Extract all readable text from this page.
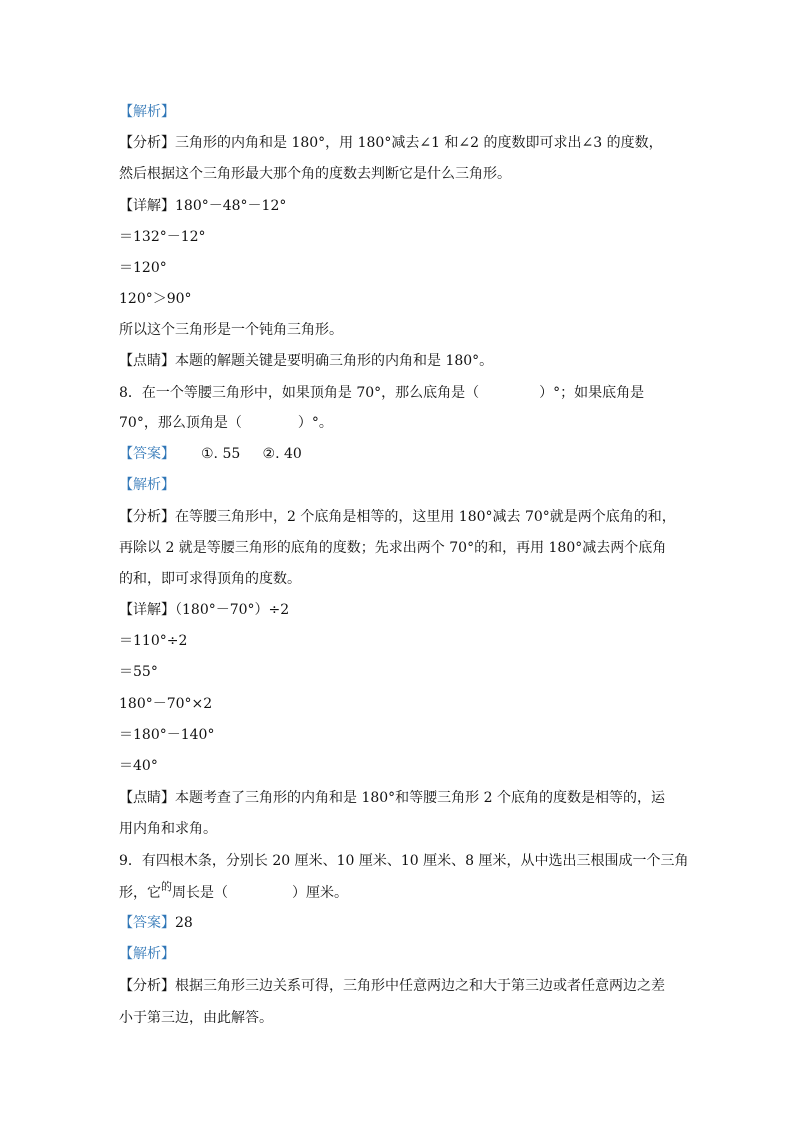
【解析】
【分析】三角形的内角和是 180°，用 180°减去∠1 和∠2 的度数即可求出∠3 的度数，
然后根据这个三角形最大那个角的度数去判断它是什么三角形。
【详解】180°－48°－12°
＝132°－12°
＝120°
120°＞90°
所以这个三角形是一个钝角三角形。
【点睛】本题的解题关键是要明确三角形的内角和是 180°。
8．在一个等腰三角形中，如果顶角是 70°，那么底角是（	）°；如果底角是
70°，那么顶角是（	）°。
【答案】 ①. 55     ②. 40
【解析】
【分析】在等腰三角形中，2 个底角是相等的，这里用 180°减去 70°就是两个底角的和，
再除以 2 就是等腰三角形的底角的度数；先求出两个 70°的和，再用 180°减去两个底角
的和，即可求得顶角的度数。
【详解】（180°－70°）÷2
＝110°÷2
＝55°
180°－70°×2
＝180°－140°
＝40°
【点睛】本题考查了三角形的内角和是 180°和等腰三角形 2 个底角的度数是相等的，运
用内角和求角。
9．有四根木条，分别长 20 厘米、10 厘米、10 厘米、8 厘米，从中选出三根围成一个三角
形，它$^的$周长是（	）厘米。
【答案】28
【解析】
【分析】根据三角形三边关系可得，三角形中任意两边之和大于第三边或者任意两边之差
小于第三边，由此解答。
